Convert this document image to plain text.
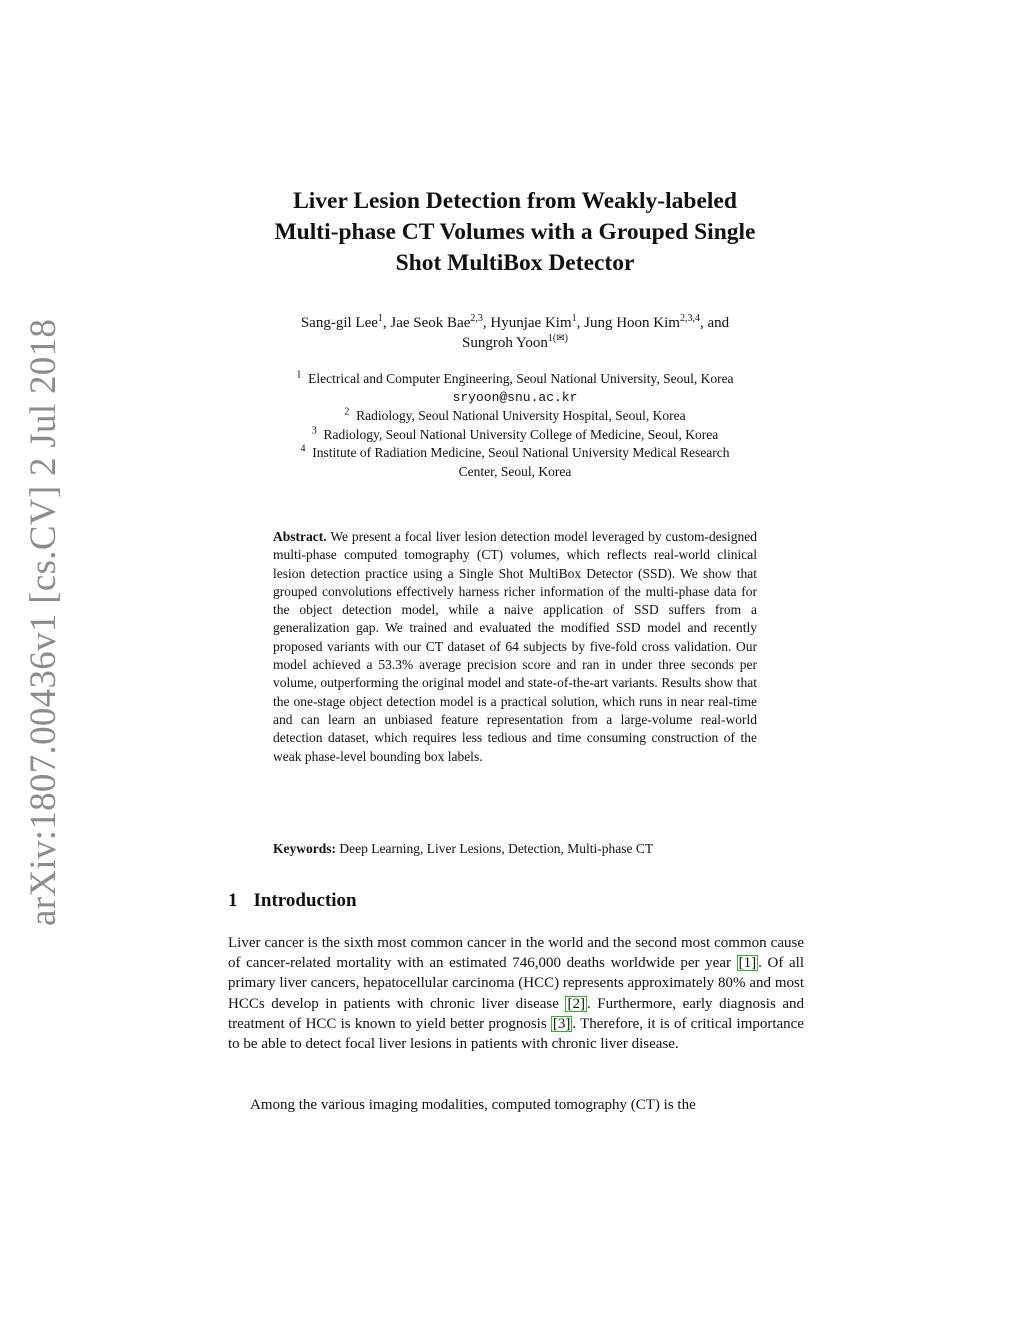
arXiv:1807.00436v1 [cs.CV] 2 Jul 2018
Liver Lesion Detection from Weakly-labeled
Multi-phase CT Volumes with a Grouped Single
Shot MultiBox Detector
Sang-gil Lee$^1$, Jae Seok Bae$^{2,3}$, Hyunjae Kim$^1$, Jung Hoon Kim$^{2,3,4}$, and
Sungroh Yoon$^{1(✉)}$
$^1$ Electrical and Computer Engineering, Seoul National University, Seoul, Korea
sryoon@snu.ac.kr
$^2$ Radiology, Seoul National University Hospital, Seoul, Korea
$^3$ Radiology, Seoul National University College of Medicine, Seoul, Korea
$^4$ Institute of Radiation Medicine, Seoul National University Medical Research
Center, Seoul, Korea
Abstract. We present a focal liver lesion detection model leveraged by custom-designed multi-phase computed tomography (CT) volumes, which reflects real-world clinical lesion detection practice using a Single Shot MultiBox Detector (SSD). We show that grouped convolutions effectively harness richer information of the multi-phase data for the object detection model, while a naive application of SSD suffers from a generalization gap. We trained and evaluated the modified SSD model and recently proposed variants with our CT dataset of 64 subjects by five-fold cross validation. Our model achieved a 53.3% average precision score and ran in under three seconds per volume, outperforming the original model and state-of-the-art variants. Results show that the one-stage object detection model is a practical solution, which runs in near real-time and can learn an unbiased feature representation from a large-volume real-world detection dataset, which requires less tedious and time consuming construction of the weak phase-level bounding box labels.
Keywords: Deep Learning, Liver Lesions, Detection, Multi-phase CT
1 Introduction
Liver cancer is the sixth most common cancer in the world and the second most common cause of cancer-related mortality with an estimated 746,000 deaths worldwide per year [1] . Of all primary liver cancers, hepatocellular carcinoma (HCC) represents approximately 80% and most HCCs develop in patients with chronic liver disease [2] . Furthermore, early diagnosis and treatment of HCC is known to yield better prognosis [3] . Therefore, it is of critical importance to be able to detect focal liver lesions in patients with chronic liver disease.
Among the various imaging modalities, computed tomography (CT) is the
